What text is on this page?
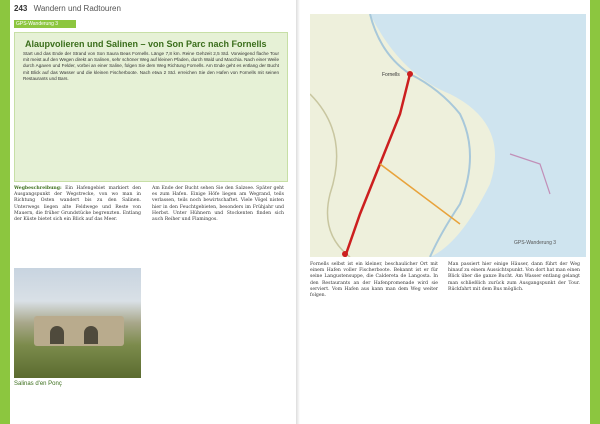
243 Wandern und Radtouren
GPS-Wanderung 3
Alaupvolieren und Salinen – von Son Parc nach Fornells

Start und das Ende der Strand von Son Saura Beas Fornells. Länge 7,8 km. Reine Gehzeit 2,5 Std. Vorwiegend flache Tour mit meist auf den Wegen direkt an Salinen, sehr schöner Weg auf kleinen Pfaden, durch Wald und Macchia. Nach einer Weile durch Agaven und Felder, vorbei an einer Saline, folgen Sie dem Weg Richtung Fornells. Am Ende geht es entlang der Bucht mit Blick auf das Wasser und die kleinen Fischerboote. Nach etwa 2 Std. erreichen Sie den Hafen von Fornells mit seinen Restaurants und Bars.

Wegbeschreibung: Ein Hafengebiet markiert den Ausgangspunkt der Wegstrecke, von wo man in Richtung Osten wandert bis zu den Salinen. Unterwegs liegen alte Feldwege und Reste von Mauern, die früher Grundstücke begrenzten. Entlang der Küste bietet sich ein Blick auf das Meer.
Am Ende der Bucht sehen Sie den Salzsee. Später geht es zum Hafen. Einige Höfe liegen am Wegrand, teils verlassen, teils noch bewirtschaftet. Viele Vögel nisten hier in den Feuchtgebieten, besonders im Frühjahr und Herbst. Unter Hühnern und Stockenten finden sich auch Reiher und Flamingos.
Salinas d'en Ponç
Fornells
GPS-Wanderung 3
Fornells selbst ist ein kleiner, beschaulicher Ort mit einem Hafen voller Fischerboote. Bekannt ist er für seine Langustensuppe, die Caldereta de Langosta. In den Restaurants an der Hafenpromenade wird sie serviert. Vom Hafen aus kann man dem Weg weiter folgen.
Man passiert hier einige Häuser, dann führt der Weg hinauf zu einem Aussichtspunkt. Von dort hat man einen Blick über die ganze Bucht. Am Wasser entlang gelangt man schließlich zurück zum Ausgangspunkt der Tour. Rückfahrt mit dem Bus möglich.
